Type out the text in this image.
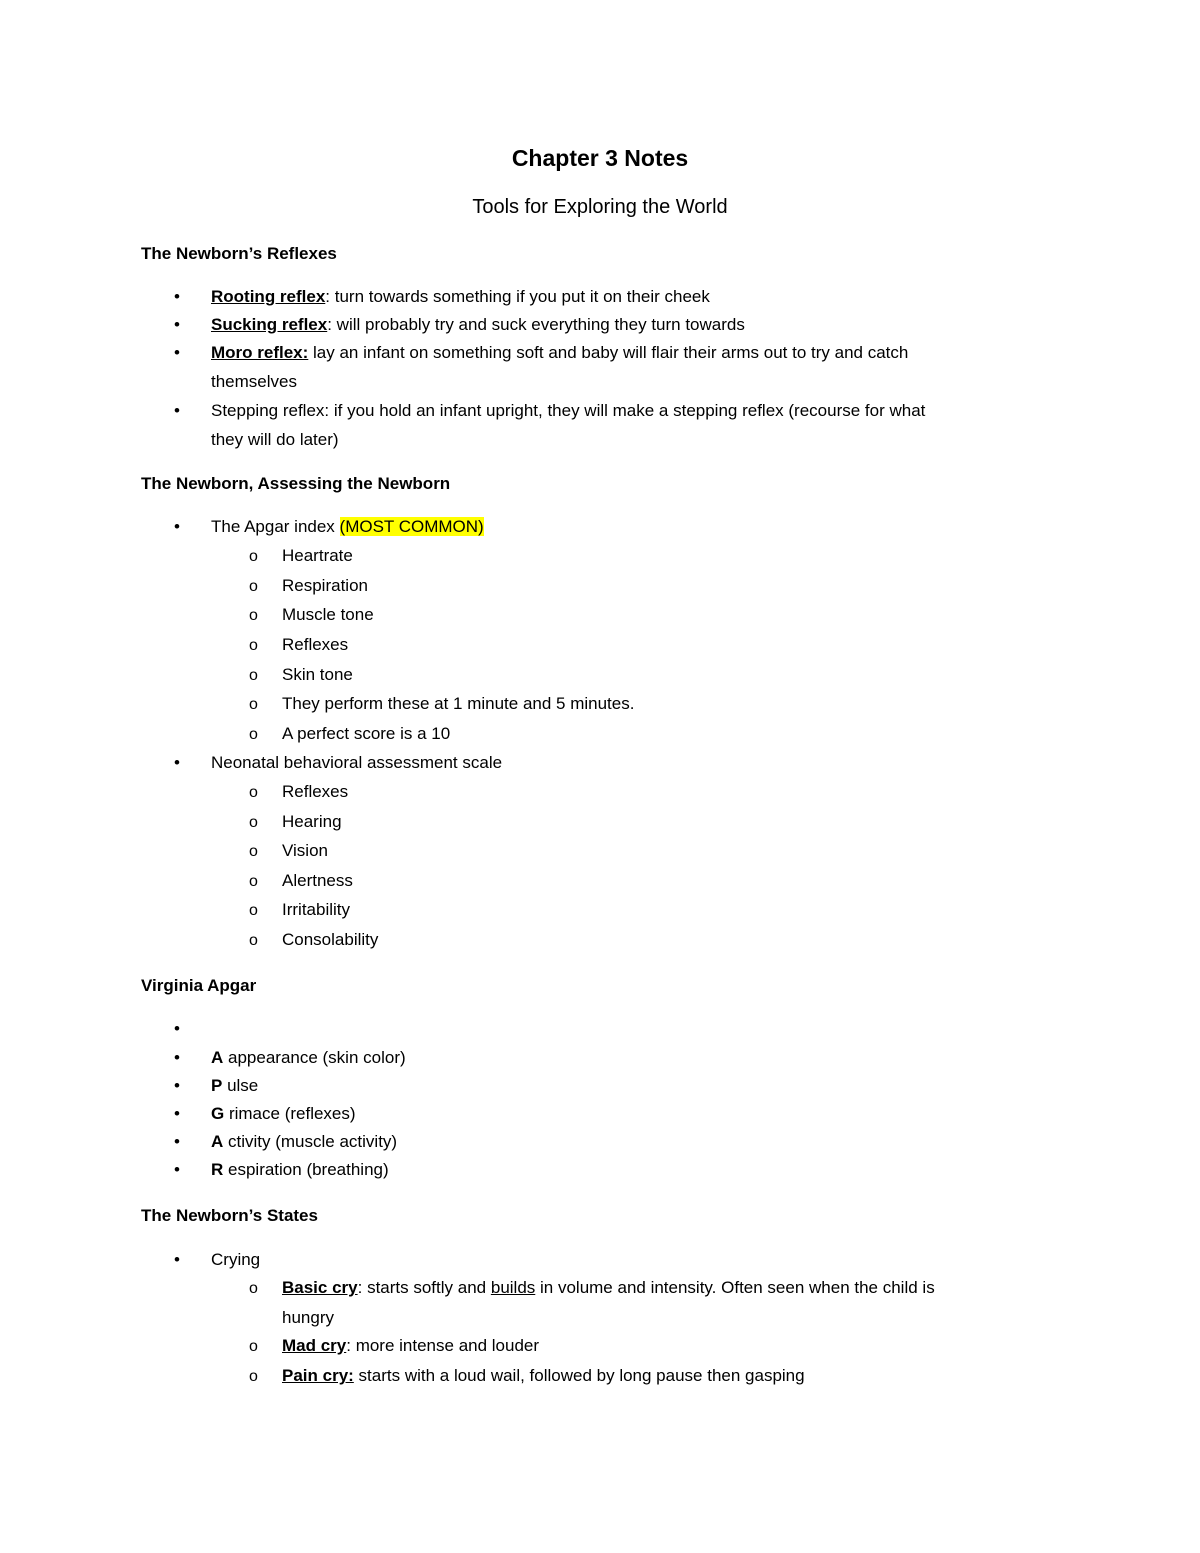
Chapter 3 Notes
Tools for Exploring the World
The Newborn’s Reflexes
• Rooting reflex: turn towards something if you put it on their cheek
• Sucking reflex: will probably try and suck everything they turn towards
• Moro reflex: lay an infant on something soft and baby will flair their arms out to try and catch
themselves
• Stepping reflex: if you hold an infant upright, they will make a stepping reflex (recourse for what
they will do later)
The Newborn, Assessing the Newborn
• The Apgar index (MOST COMMON)
o Heartrate
o Respiration
o Muscle tone
o Reflexes
o Skin tone
o They perform these at 1 minute and 5 minutes.
o A perfect score is a 10
• Neonatal behavioral assessment scale
o Reflexes
o Hearing
o Vision
o Alertness
o Irritability
o Consolability
Virginia Apgar
•
• A appearance (skin color)
• P ulse
• G rimace (reflexes)
• A ctivity (muscle activity)
• R espiration (breathing)
The Newborn’s States
• Crying
o Basic cry: starts softly and builds in volume and intensity. Often seen when the child is
hungry
o Mad cry: more intense and louder
o Pain cry: starts with a loud wail, followed by long pause then gasping
